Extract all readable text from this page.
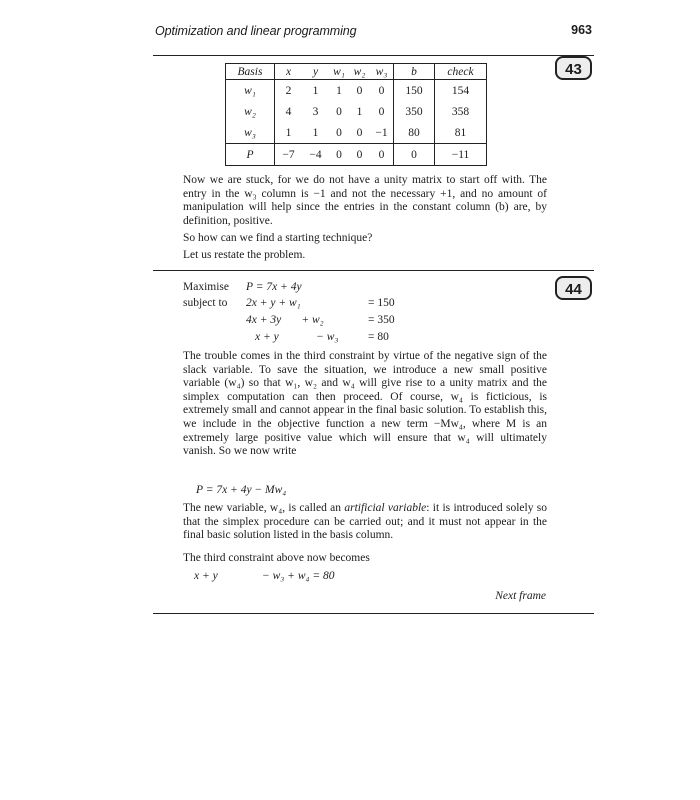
Optimization and linear programming	963
43
Basis	x	y	w₁	w₂	w₃	b	check
w₁	2	1	1	0	0	150	154
w₂	4	3	0	1	0	350	358
w₃	1	1	0	0	−1	80	81
P	−7	−4	0	0	0	0	−11
Now we are stuck, for we do not have a unity matrix to start off with. The entry in the w₃ column is −1 and not the necessary +1, and no amount of manipulation will help since the entries in the constant column (b) are, by definition, positive.
So how can we find a starting technique?
Let us restate the problem.
44
Maximise P = 7x + 4y
subject to 2x + y + w₁	= 150
4x + 3y       + w₂	= 350
x + y             − w₃	= 80
The trouble comes in the third constraint by virtue of the negative sign of the slack variable. To save the situation, we introduce a new small positive variable (w₄) so that w₁, w₂ and w₄ will give rise to a unity matrix and the simplex computation can then proceed. Of course, w₄ is ficticious, is extremely small and cannot appear in the final basic solution. To establish this, we include in the objective function a new term −Mw₄, where M is an extremely large positive value which will ensure that w₄ will ultimately vanish. So we now write
P = 7x + 4y − Mw₄
The new variable, w₄, is called an artificial variable: it is introduced solely so that the simplex procedure can be carried out; and it must not appear in the final basic solution listed in the basis column.
The third constraint above now becomes
x + y	− w₃ + w₄ = 80
Next frame
